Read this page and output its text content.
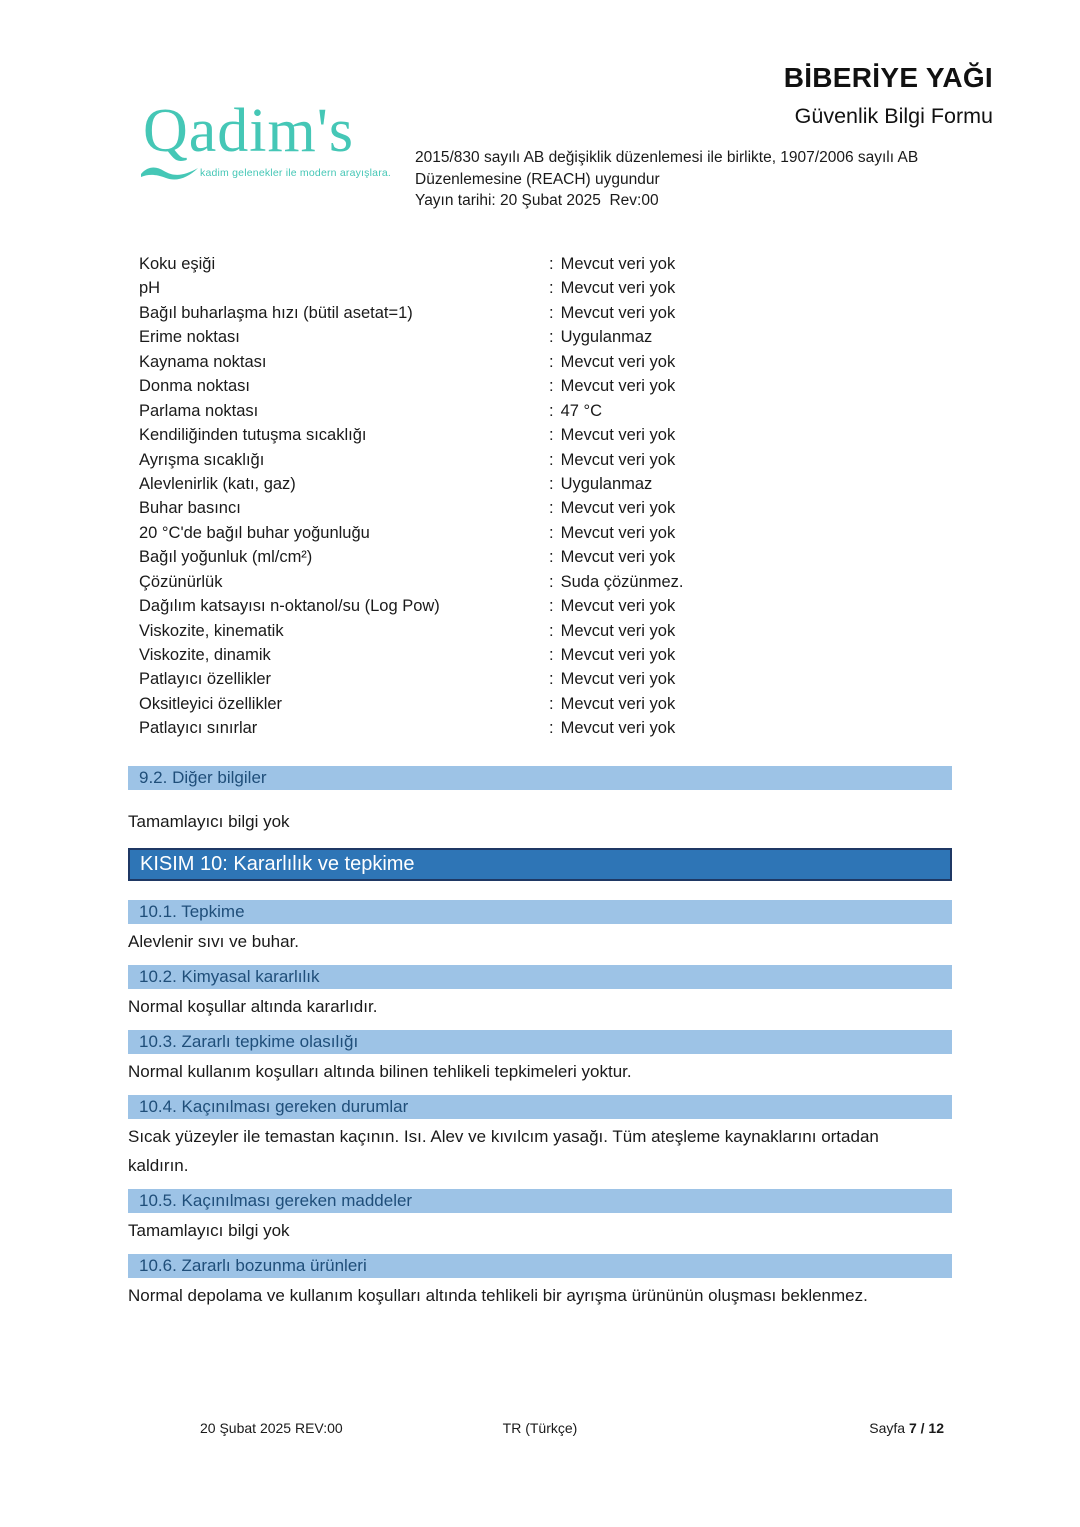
Qadim's
kadim gelenekler ile modern arayışlara.
BİBERİYE YAĞI
Güvenlik Bilgi Formu
2015/830 sayılı AB değişiklik düzenlemesi ile birlikte, 1907/2006 sayılı AB
Düzenlemesine (REACH) uygundur
Yayın tarihi: 20 Şubat 2025  Rev:00
Koku eşiği	: Mevcut veri yok
pH	: Mevcut veri yok
Bağıl buharlaşma hızı (bütil asetat=1)	: Mevcut veri yok
Erime noktası	: Uygulanmaz
Kaynama noktası	: Mevcut veri yok
Donma noktası	: Mevcut veri yok
Parlama noktası	: 47 °C
Kendiliğinden tutuşma sıcaklığı	: Mevcut veri yok
Ayrışma sıcaklığı	: Mevcut veri yok
Alevlenirlik (katı, gaz)	: Uygulanmaz
Buhar basıncı	: Mevcut veri yok
20 °C'de bağıl buhar yoğunluğu	: Mevcut veri yok
Bağıl yoğunluk (ml/cm²)	: Mevcut veri yok
Çözünürlük	: Suda çözünmez.
Dağılım katsayısı n-oktanol/su (Log Pow)	: Mevcut veri yok
Viskozite, kinematik	: Mevcut veri yok
Viskozite, dinamik	: Mevcut veri yok
Patlayıcı özellikler	: Mevcut veri yok
Oksitleyici özellikler	: Mevcut veri yok
Patlayıcı sınırlar	: Mevcut veri yok
9.2. Diğer bilgiler
Tamamlayıcı bilgi yok
KISIM 10: Kararlılık ve tepkime
10.1. Tepkime
Alevlenir sıvı ve buhar.
10.2. Kimyasal kararlılık
Normal koşullar altında kararlıdır.
10.3. Zararlı tepkime olasılığı
Normal kullanım koşulları altında bilinen tehlikeli tepkimeleri yoktur.
10.4. Kaçınılması gereken durumlar
Sıcak yüzeyler ile temastan kaçının. Isı. Alev ve kıvılcım yasağı. Tüm ateşleme kaynaklarını ortadan kaldırın.
10.5. Kaçınılması gereken maddeler
Tamamlayıcı bilgi yok
10.6. Zararlı bozunma ürünleri
Normal depolama ve kullanım koşulları altında tehlikeli bir ayrışma ürününün oluşması beklenmez.
20 Şubat 2025 REV:00	TR (Türkçe)	Sayfa 7 / 12
